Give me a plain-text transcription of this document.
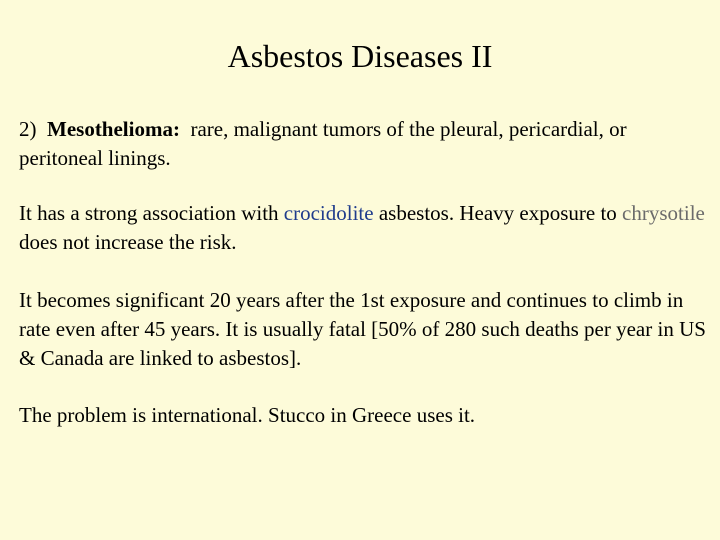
Asbestos Diseases II

2) Mesothelioma: rare, malignant tumors of the pleural, pericardial, or peritoneal linings.

It has a strong association with crocidolite asbestos. Heavy exposure to chrysotile does not increase the risk.

It becomes significant 20 years after the 1st exposure and continues to climb in rate even after 45 years. It is usually fatal [50% of 280 such deaths per year in US & Canada are linked to asbestos].

The problem is international. Stucco in Greece uses it.
